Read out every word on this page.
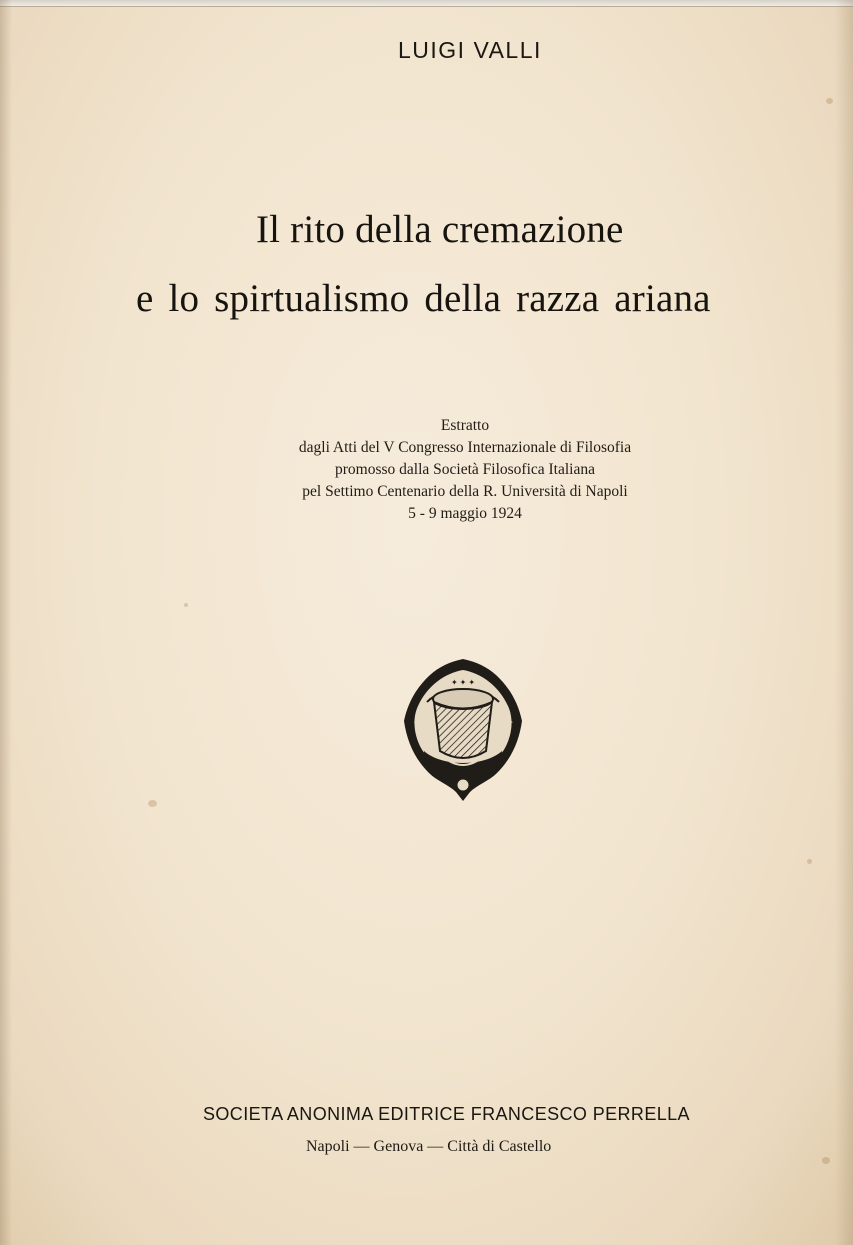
LUIGI VALLI
Il rito della cremazione
e lo spirtualismo della razza ariana
Estratto
dagli Atti del V Congresso Internazionale di Filosofia
promosso dalla Società Filosofica Italiana
pel Settimo Centenario della R. Università di Napoli
5 - 9 maggio 1924
✦ ✦ ✦
✦	✦
SOCIETA ANONIMA EDITRICE FRANCESCO PERRELLA
Napoli — Genova — Città di Castello
